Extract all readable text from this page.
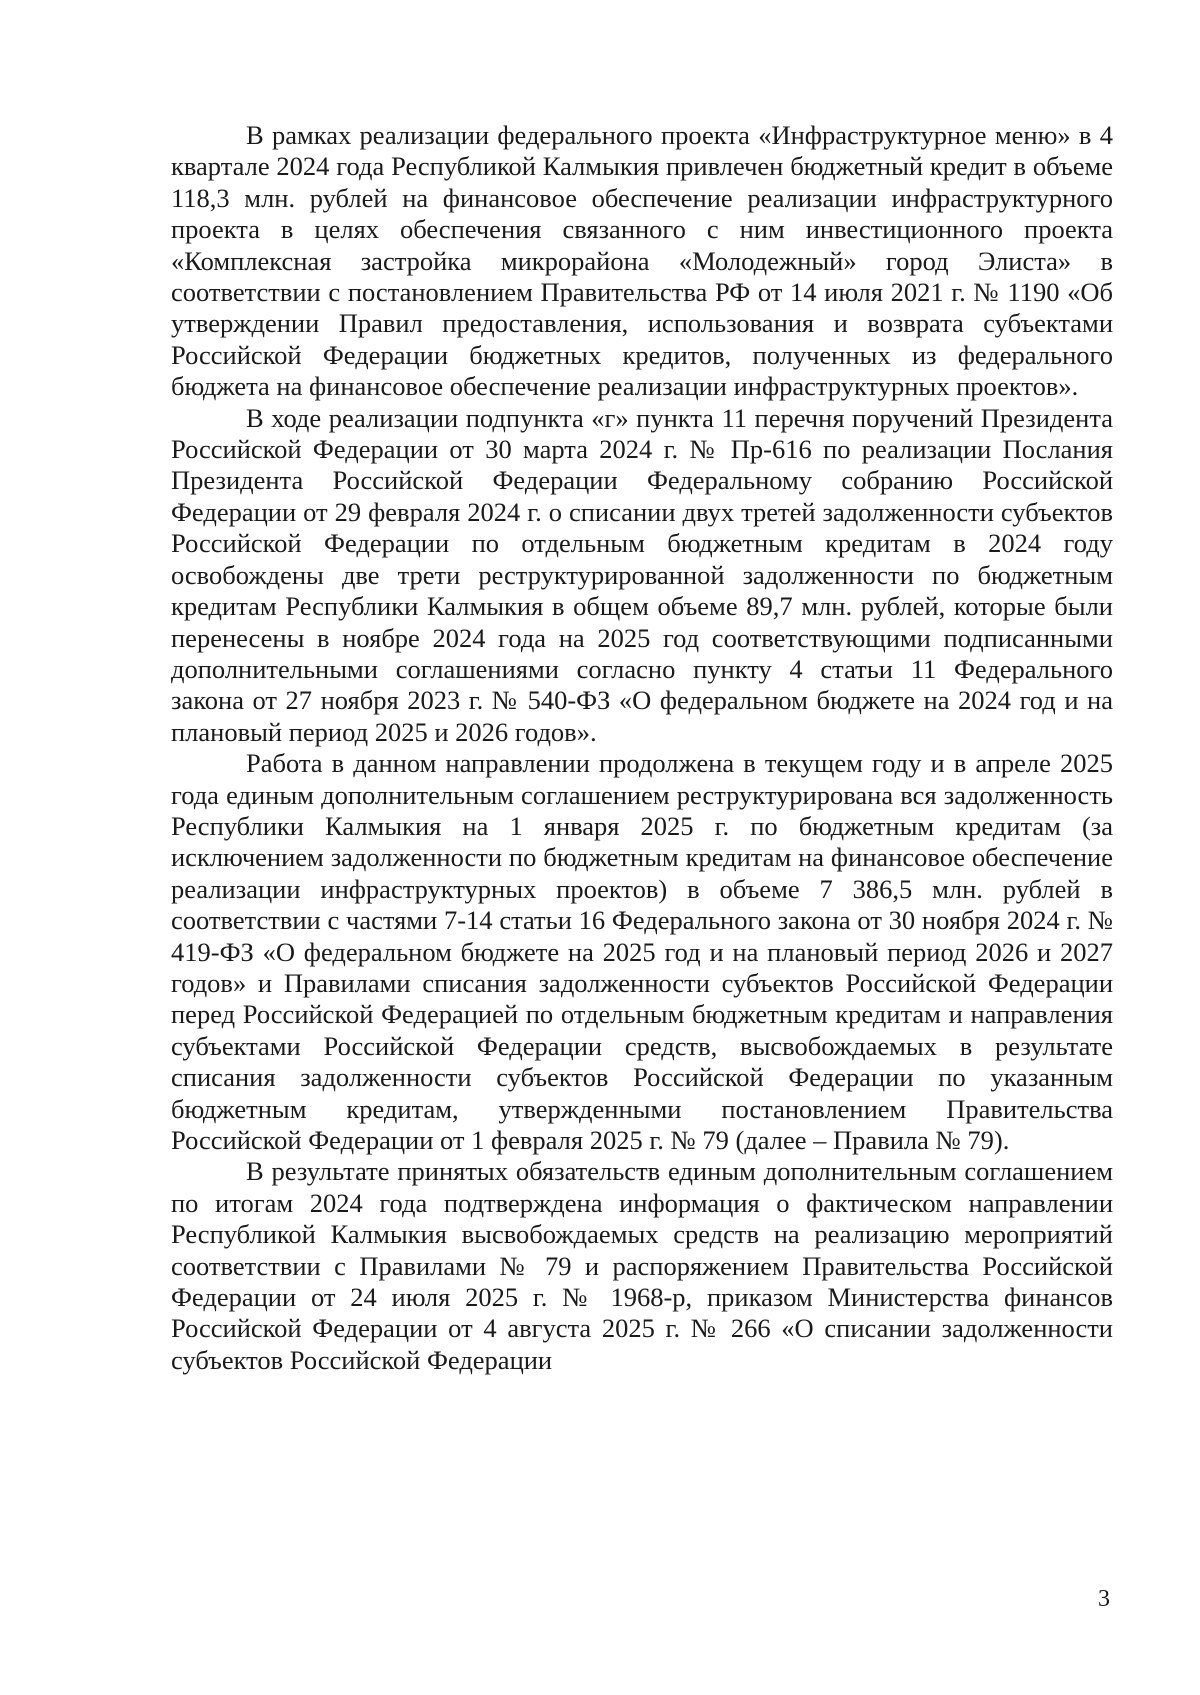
В рамках реализации федерального проекта «Инфраструктурное меню» в 4 квартале 2024 года Республикой Калмыкия привлечен бюджетный кредит в объеме 118,3 млн. рублей на финансовое обеспечение реализации инфраструктурного проекта в целях обеспечения связанного с ним инвестиционного проекта «Комплексная застройка микрорайона «Молодежный» город Элиста» в соответствии с постановлением Правительства РФ от 14 июля 2021 г. № 1190 «Об утверждении Правил предоставления, использования и возврата субъектами Российской Федерации бюджетных кредитов, полученных из федерального бюджета на финансовое обеспечение реализации инфраструктурных проектов».

В ходе реализации подпункта «г» пункта 11 перечня поручений Президента Российской Федерации от 30 марта 2024 г. № Пр-616 по реализации Послания Президента Российской Федерации Федеральному собранию Российской Федерации от 29 февраля 2024 г. о списании двух третей задолженности субъектов Российской Федерации по отдельным бюджетным кредитам в 2024 году освобождены две трети реструктурированной задолженности по бюджетным кредитам Республики Калмыкия в общем объеме 89,7 млн. рублей, которые были перенесены в ноябре 2024 года на 2025 год соответствующими подписанными дополнительными соглашениями согласно пункту 4 статьи 11 Федерального закона от 27 ноября 2023 г. № 540-ФЗ «О федеральном бюджете на 2024 год и на плановый период 2025 и 2026 годов».

Работа в данном направлении продолжена в текущем году и в апреле 2025 года единым дополнительным соглашением реструктурирована вся задолженность Республики Калмыкия на 1 января 2025 г. по бюджетным кредитам (за исключением задолженности по бюджетным кредитам на финансовое обеспечение реализации инфраструктурных проектов) в объеме 7 386,5 млн. рублей в соответствии с частями 7-14 статьи 16 Федерального закона от 30 ноября 2024 г. № 419-ФЗ «О федеральном бюджете на 2025 год и на плановый период 2026 и 2027 годов» и Правилами списания задолженности субъектов Российской Федерации перед Российской Федерацией по отдельным бюджетным кредитам и направления субъектами Российской Федерации средств, высвобождаемых в результате списания задолженности субъектов Российской Федерации по указанным бюджетным кредитам, утвержденными постановлением Правительства Российской Федерации от 1 февраля 2025 г. № 79 (далее – Правила № 79).

В результате принятых обязательств единым дополнительным соглашением по итогам 2024 года подтверждена информация о фактическом направлении Республикой Калмыкия высвобождаемых средств на реализацию мероприятий соответствии с Правилами № 79 и распоряжением Правительства Российской Федерации от 24 июля 2025 г. № 1968-р, приказом Министерства финансов Российской Федерации от 4 августа 2025 г. № 266 «О списании задолженности субъектов Российской Федерации

3
